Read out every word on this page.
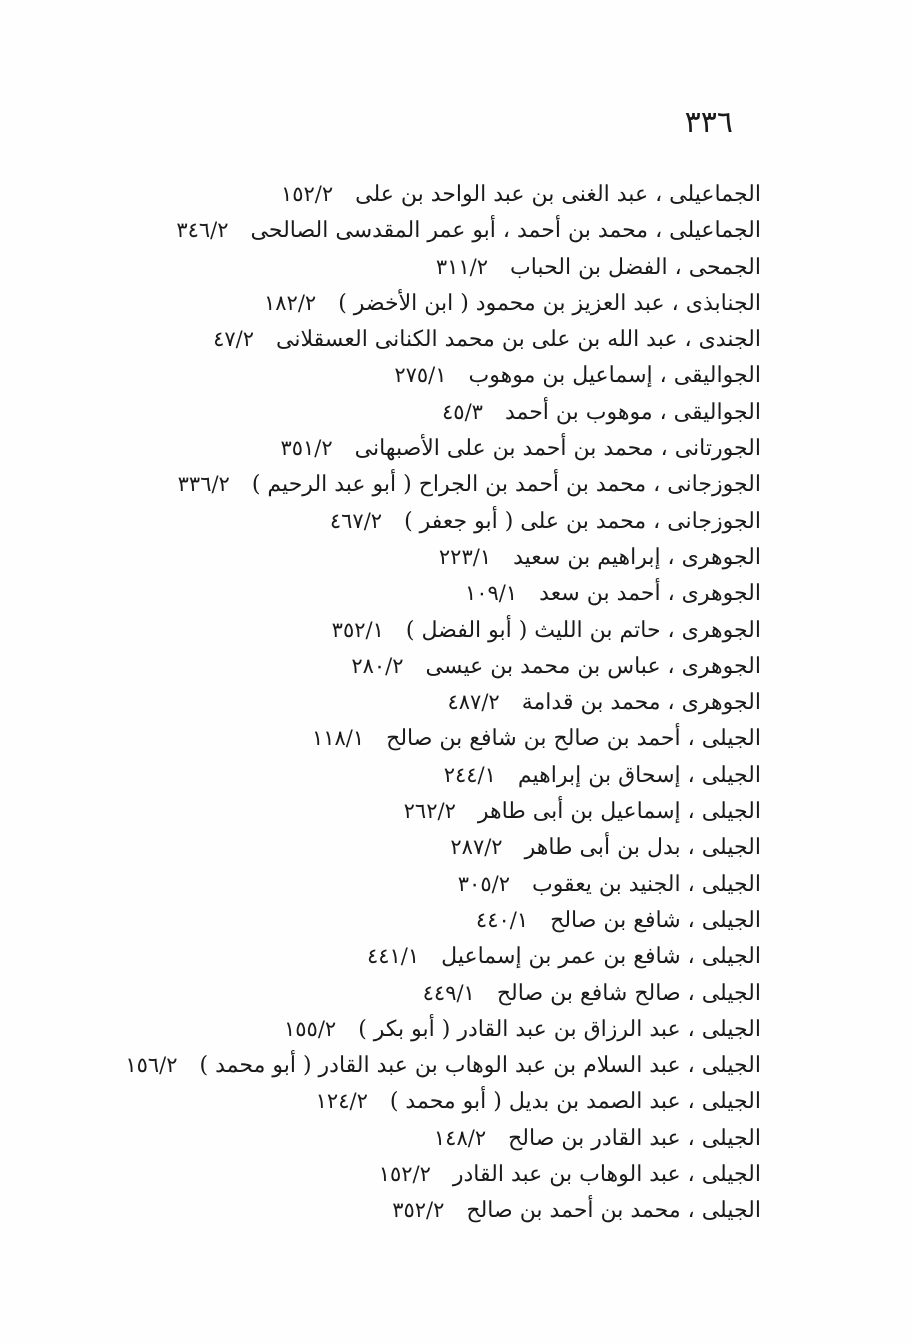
٣٣٦
الجماعيلى ، عبد الغنى بن عبد الواحد بن على١٥٢/٢
الجماعيلى ، محمد بن أحمد ، أبو عمر المقدسى الصالحى٣٤٦/٢
الجمحى ، الفضل بن الحباب٣١١/٢
الجنابذى ، عبد العزيز بن محمود ( ابن الأخضر )١٨٢/٢
الجندى ، عبد الله بن على بن محمد الكنانى العسقلانى٤٧/٢
الجواليقى ، إسماعيل بن موهوب٢٧٥/١
الجواليقى ، موهوب بن أحمد٤٥/٣
الجورتانى ، محمد بن أحمد بن على الأصبهانى٣٥١/٢
الجوزجانى ، محمد بن أحمد بن الجراح ( أبو عبد الرحيم )٣٣٦/٢
الجوزجانى ، محمد بن على ( أبو جعفر )٤٦٧/٢
الجوهرى ، إبراهيم بن سعيد٢٢٣/١
الجوهرى ، أحمد بن سعد١٠٩/١
الجوهرى ، حاتم بن الليث ( أبو الفضل )٣٥٢/١
الجوهرى ، عباس بن محمد بن عيسى٢٨٠/٢
الجوهرى ، محمد بن قدامة٤٨٧/٢
الجيلى ، أحمد بن صالح بن شافع بن صالح١١٨/١
الجيلى ، إسحاق بن إبراهيم٢٤٤/١
الجيلى ، إسماعيل بن أبى طاهر٢٦٢/٢
الجيلى ، بدل بن أبى طاهر٢٨٧/٢
الجيلى ، الجنيد بن يعقوب٣٠٥/٢
الجيلى ، شافع بن صالح٤٤٠/١
الجيلى ، شافع بن عمر بن إسماعيل٤٤١/١
الجيلى ، صالح شافع بن صالح٤٤٩/١
الجيلى ، عبد الرزاق بن عبد القادر ( أبو بكر )١٥٥/٢
الجيلى ، عبد السلام بن عبد الوهاب بن عبد القادر ( أبو محمد )١٥٦/٢
الجيلى ، عبد الصمد بن بديل ( أبو محمد )١٢٤/٢
الجيلى ، عبد القادر بن صالح١٤٨/٢
الجيلى ، عبد الوهاب بن عبد القادر١٥٢/٢
الجيلى ، محمد بن أحمد بن صالح٣٥٢/٢
